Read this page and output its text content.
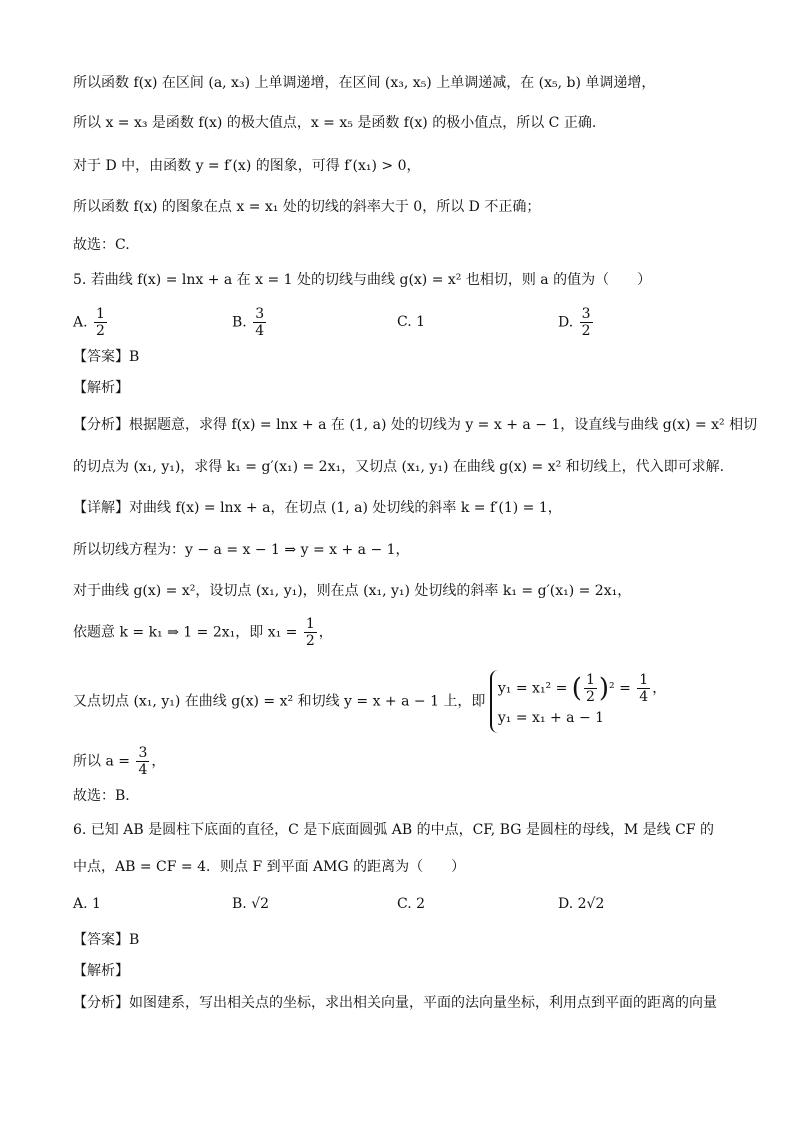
所以函数 f(x) 在区间 (a, x₃) 上单调递增，在区间 (x₃, x₅) 上单调递减，在 (x₅, b) 单调递增，
所以 x = x₃ 是函数 f(x) 的极大值点，x = x₅ 是函数 f(x) 的极小值点，所以 C 正确.
对于 D 中，由函数 y = f′(x) 的图象，可得 f′(x₁) > 0，
所以函数 f(x) 的图象在点 x = x₁ 处的切线的斜率大于 0，所以 D 不正确；
故选：C.
5. 若曲线 f(x) = lnx + a 在 x = 1 处的切线与曲线 g(x) = x² 也相切，则 a 的值为（　　）
A. $\frac{1}{2}$	B. $\frac{3}{4}$	C. 1	D. $\frac{3}{2}$
【答案】B
【解析】
【分析】根据题意，求得 f(x) = lnx + a 在 (1, a) 处的切线为 y = x + a − 1，设直线与曲线 g(x) = x² 相切
的切点为 (x₁, y₁)，求得 k₁ = g′(x₁) = 2x₁，又切点 (x₁, y₁) 在曲线 g(x) = x² 和切线上，代入即可求解.
【详解】对曲线 f(x) = lnx + a，在切点 (1, a) 处切线的斜率 k = f′(1) = 1，
所以切线方程为：y − a = x − 1 ⇒ y = x + a − 1，
对于曲线 g(x) = x²，设切点 (x₁, y₁)，则在点 (x₁, y₁) 处切线的斜率 k₁ = g′(x₁) = 2x₁，
依题意 k = k₁ ⇒ 1 = 2x₁，即 $x_1 = \frac{1}{2}$ ，
又点切点 (x₁, y₁) 在曲线 g(x) = x² 和切线 y = x + a − 1 上，即
y₁ = x₁² = ( $\frac{1}{2} )^2 = \frac{1}{4}$ ，
y₁ = x₁ + a − 1
所以 $a = \frac{3}{4}$ ，
故选：B.
6. 已知 AB 是圆柱下底面的直径，C 是下底面圆弧 AB 的中点，CF, BG 是圆柱的母线，M 是线 CF 的
中点，AB = CF = 4．则点 F 到平面 AMG 的距离为（　　）
A. 1	B. √2	C. 2	D. 2√2
【答案】B
【解析】
【分析】如图建系，写出相关点的坐标，求出相关向量，平面的法向量坐标，利用点到平面的距离的向量
